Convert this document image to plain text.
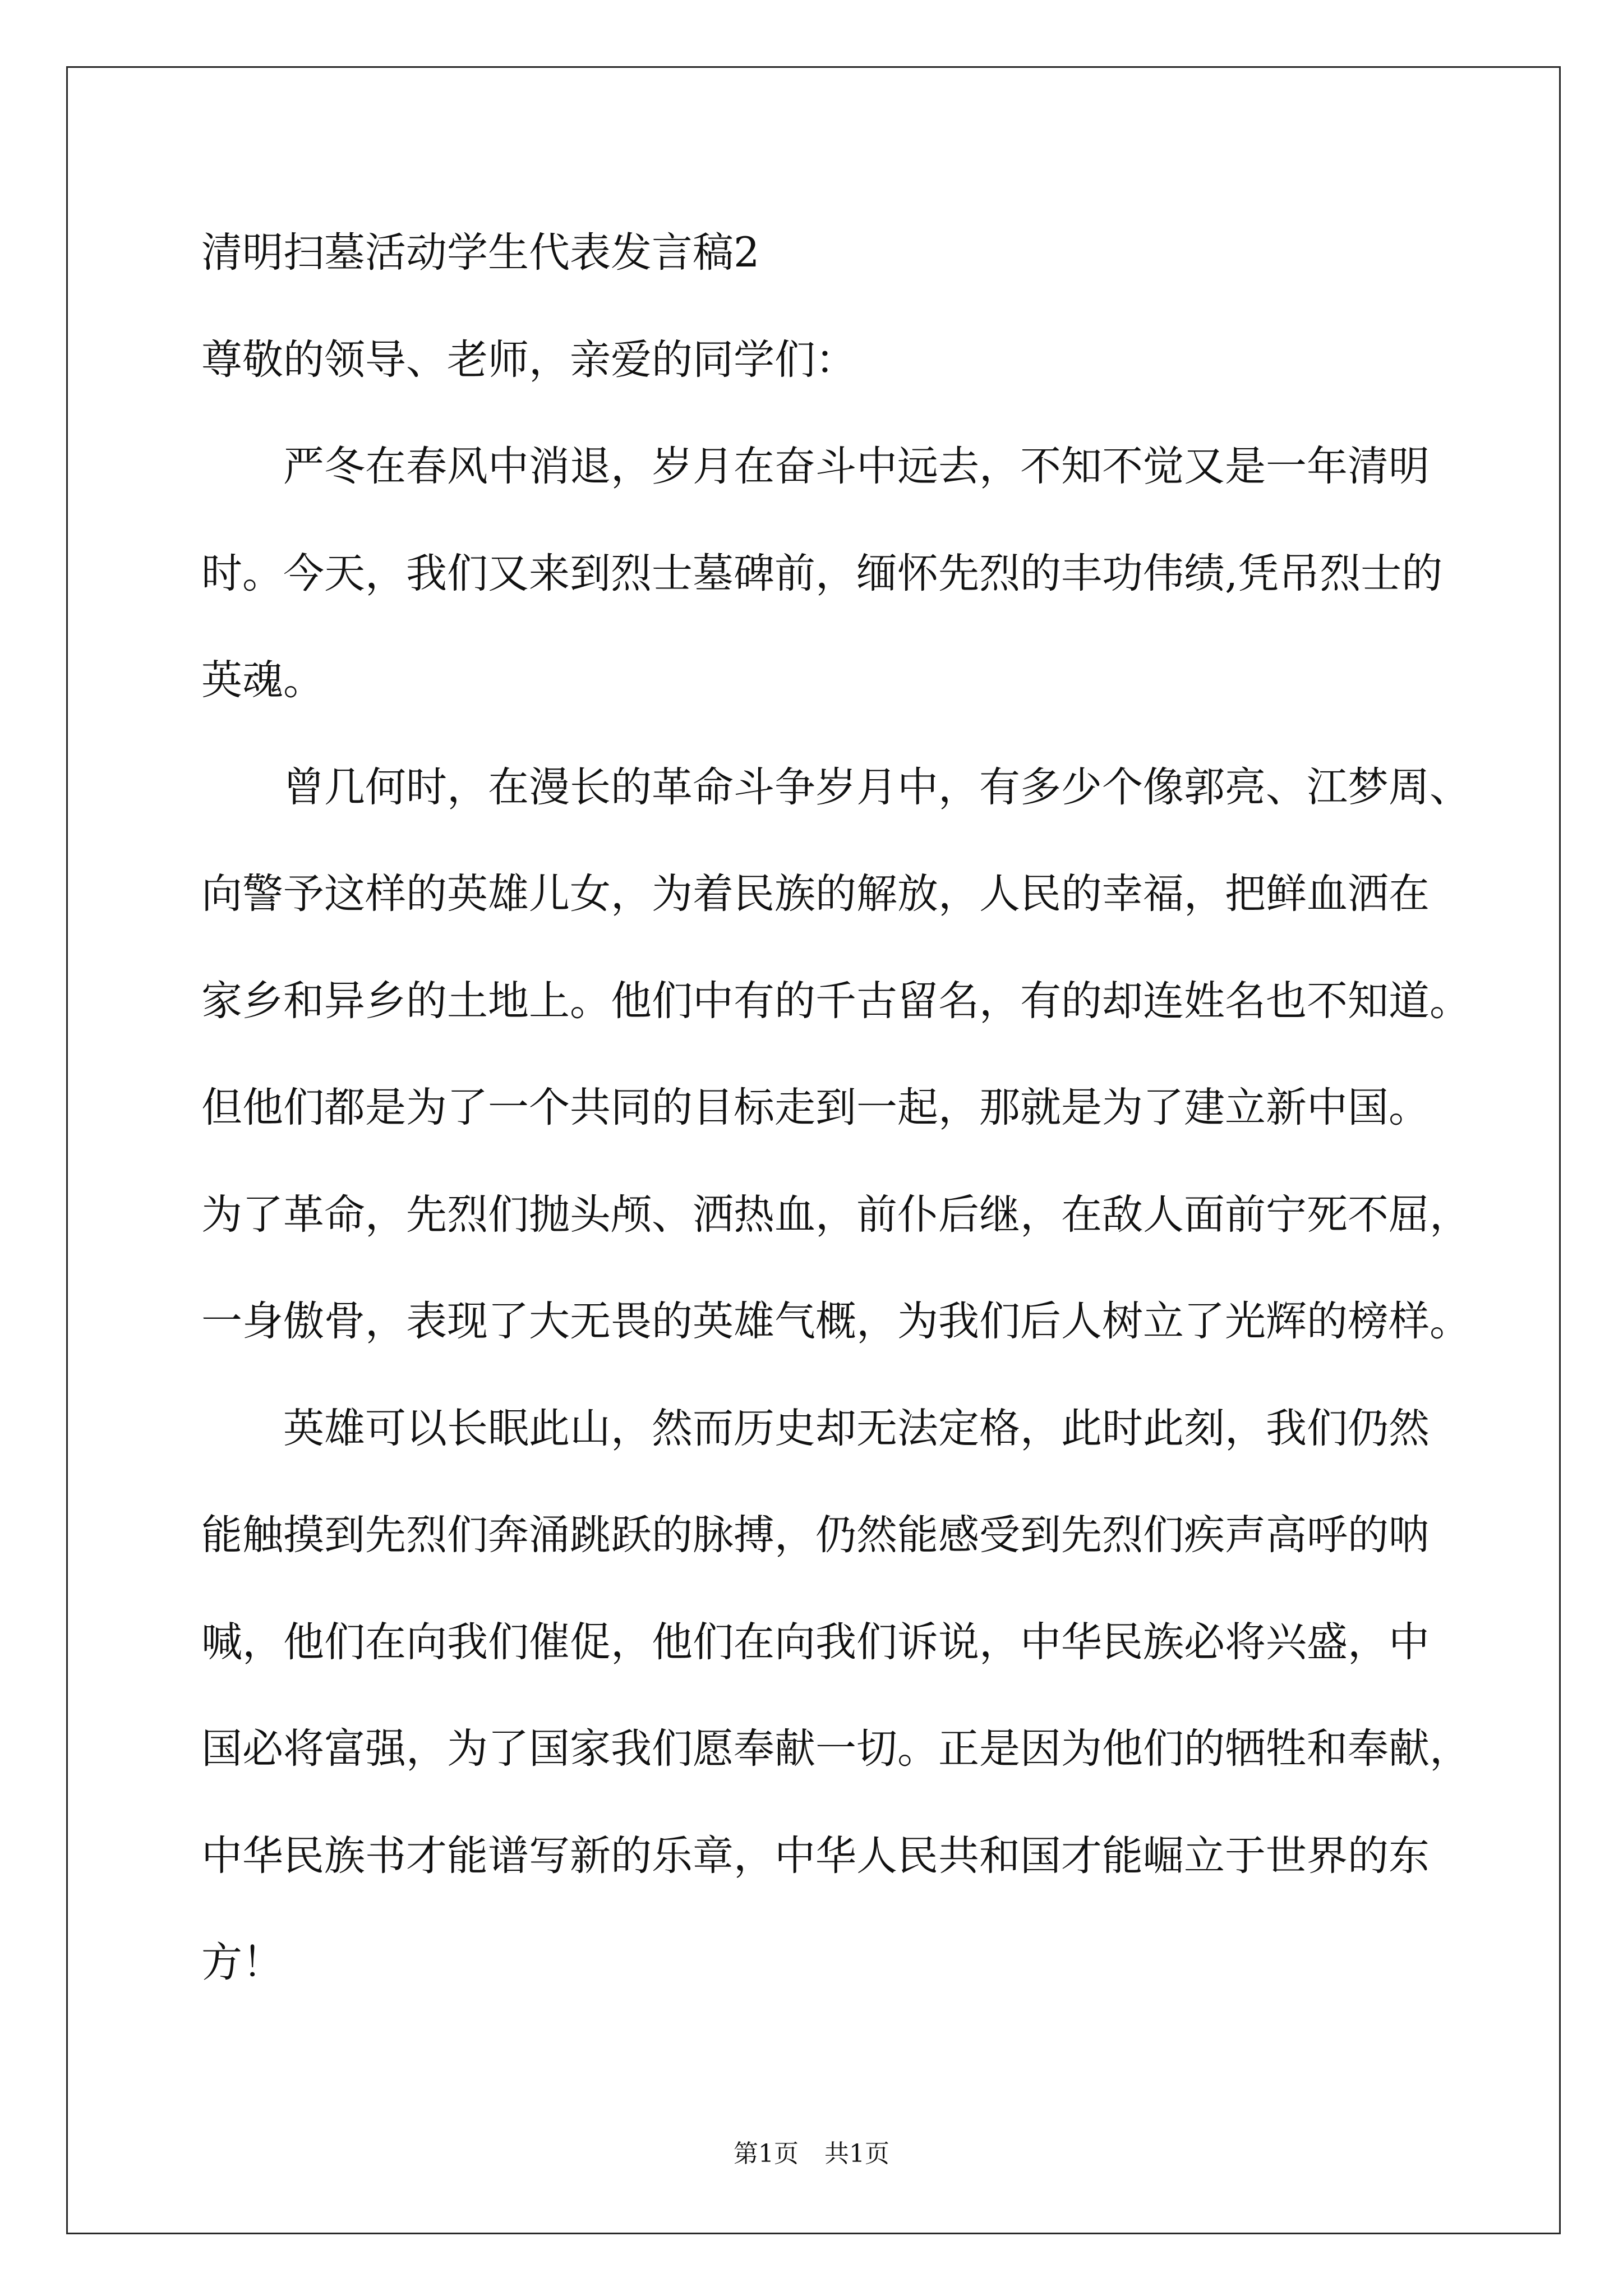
清明扫墓活动学生代表发言稿2
尊敬的领导、老师，亲爱的同学们：
严冬在春风中消退，岁月在奋斗中远去，不知不觉又是一年清明
时。今天，我们又来到烈士墓碑前，缅怀先烈的丰功伟绩,凭吊烈士的
英魂。
曾几何时，在漫长的革命斗争岁月中，有多少个像郭亮、江梦周、
向警予这样的英雄儿女，为着民族的解放，人民的幸福，把鲜血洒在
家乡和异乡的土地上。他们中有的千古留名，有的却连姓名也不知道。
但他们都是为了一个共同的目标走到一起，那就是为了建立新中国。
为了革命，先烈们抛头颅、洒热血，前仆后继，在敌人面前宁死不屈，
一身傲骨，表现了大无畏的英雄气概，为我们后人树立了光辉的榜样。
英雄可以长眠此山，然而历史却无法定格，此时此刻，我们仍然
能触摸到先烈们奔涌跳跃的脉搏，仍然能感受到先烈们疾声高呼的呐
喊，他们在向我们催促，他们在向我们诉说，中华民族必将兴盛，中
国必将富强，为了国家我们愿奉献一切。正是因为他们的牺牲和奉献，
中华民族书才能谱写新的乐章，中华人民共和国才能崛立于世界的东
方！
第1页 共1页
